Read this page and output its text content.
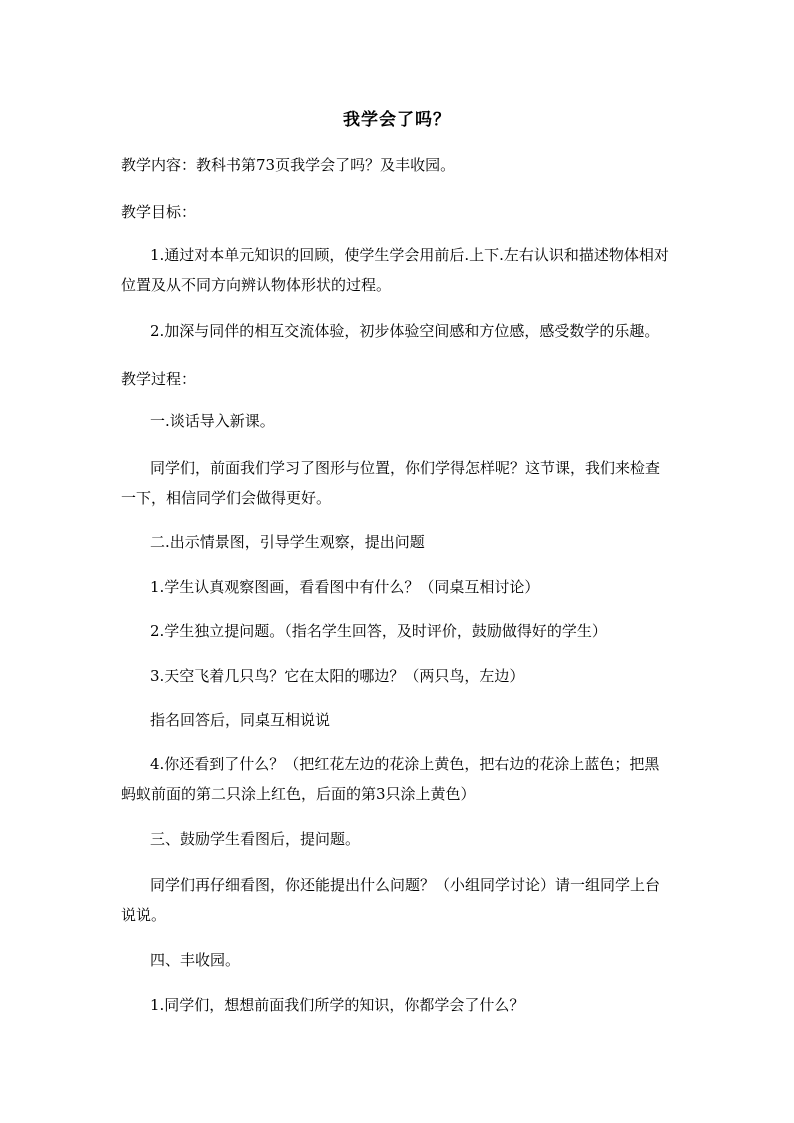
我学会了吗？
教学内容：教科书第73页我学会了吗？及丰收园。
教学目标：
1.通过对本单元知识的回顾，使学生学会用前后.上下.左右认识和描述物体相对位置及从不同方向辨认物体形状的过程。
2.加深与同伴的相互交流体验，初步体验空间感和方位感，感受数学的乐趣。
教学过程：
一.谈话导入新课。
同学们，前面我们学习了图形与位置，你们学得怎样呢？这节课，我们来检查一下，相信同学们会做得更好。
二.出示情景图，引导学生观察，提出问题
1.学生认真观察图画，看看图中有什么？（同桌互相讨论）
2.学生独立提问题。（指名学生回答，及时评价，鼓励做得好的学生）
3.天空飞着几只鸟？它在太阳的哪边？（两只鸟，左边）
指名回答后，同桌互相说说
4.你还看到了什么？（把红花左边的花涂上黄色，把右边的花涂上蓝色；把黑蚂蚁前面的第二只涂上红色，后面的第3只涂上黄色）
三、鼓励学生看图后，提问题。
同学们再仔细看图，你还能提出什么问题？（小组同学讨论）请一组同学上台说说。
四、丰收园。
1.同学们，想想前面我们所学的知识，你都学会了什么？
